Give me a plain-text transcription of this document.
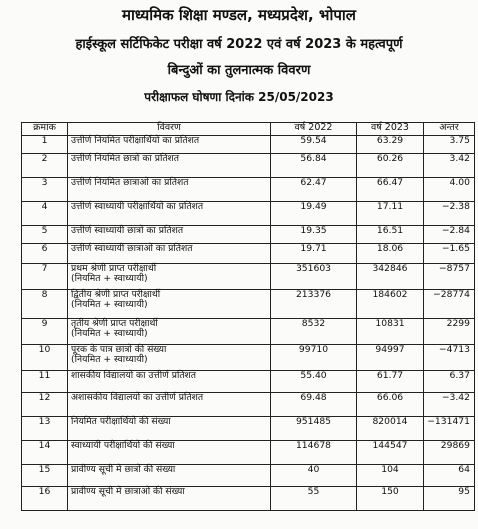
माध्यमिक शिक्षा मण्डल, मध्यप्रदेश, भोपाल
हाईस्कूल सर्टिफिकेट परीक्षा वर्ष 2022 एवं वर्ष 2023 के महत्वपूर्ण
बिन्दुओं का तुलनात्मक विवरण
परीक्षाफल घोषणा दिनांक 25/05/2023
क्रमांक	विवरण	वर्ष 2022	वर्ष 2023	अन्तर
1	उत्तीर्ण नियमित परीक्षार्थियों का प्रतिशत	59.54	63.29	3.75
2	उत्तीर्ण नियमित छात्रों का प्रतिशत	56.84	60.26	3.42
3	उत्तीर्ण नियमित छात्राओं का प्रतिशत	62.47	66.47	4.00
4	उत्तीर्ण स्वाध्यायी परीक्षार्थियों का प्रतिशत	19.49	17.11	−2.38
5	उत्तीर्ण स्वाध्यायी छात्रों का प्रतिशत	19.35	16.51	−2.84
6	उत्तीर्ण स्वाध्यायी छात्राओं का प्रतिशत	19.71	18.06	−1.65
7	प्रथम श्रेणी प्राप्त परीक्षार्थी
(नियमित + स्वाध्यायी)	351603	342846	−8757
8	द्वितीय श्रेणी प्राप्त परीक्षार्थी
(नियमित + स्वाध्यायी)	213376	184602	−28774
9	तृतीय श्रेणी प्राप्त परीक्षार्थी
(नियमित + स्वाध्यायी)	8532	10831	2299
10	पूरक के पात्र छात्रों की संख्या
(नियमित + स्वाध्यायी)	99710	94997	−4713
11	शासकीय विद्यालयों का उत्तीर्ण प्रतिशत	55.40	61.77	6.37
12	अशासकीय विद्यालयों का उत्तीर्ण प्रतिशत	69.48	66.06	−3.42
13	नियमित परीक्षार्थियों की संख्या	951485	820014	−131471
14	स्वाध्यायी परीक्षार्थियों की संख्या	114678	144547	29869
15	प्रावीण्य सूची में छात्रों की संख्या	40	104	64
16	प्रावीण्य सूची में छात्राओं की संख्या	55	150	95
